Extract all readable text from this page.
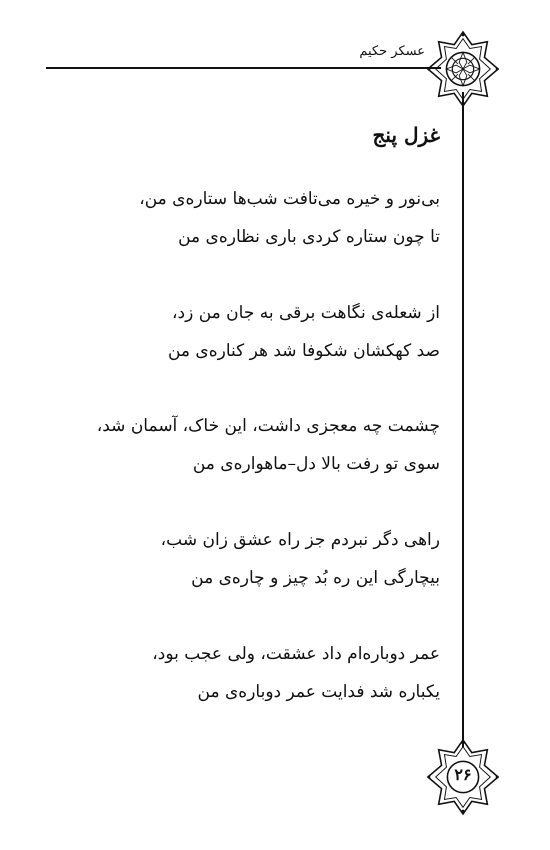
عسکر حکیم
غزل پنج
بی‌نور و خیره می‌تافت شب‌ها ستاره‌ی من،
تا چون ستاره کردی باری نظاره‌ی من
از شعله‌ی نگاهت برقی به جان من زد،
صد کهکشان شکوفا شد هر کناره‌ی من
چشمت چه معجزی داشت، این خاک، آسمان شد،
سوی تو رفت بالا دل–ماهواره‌ی من
راهی دگر نبردم جز راه عشق زان شب،
بیچارگی این ره بُد چیز و چاره‌ی من
عمر دوباره‌ام داد عشقت، ولی عجب بود،
یکباره شد فدایت عمر دوباره‌ی من
۲۶
